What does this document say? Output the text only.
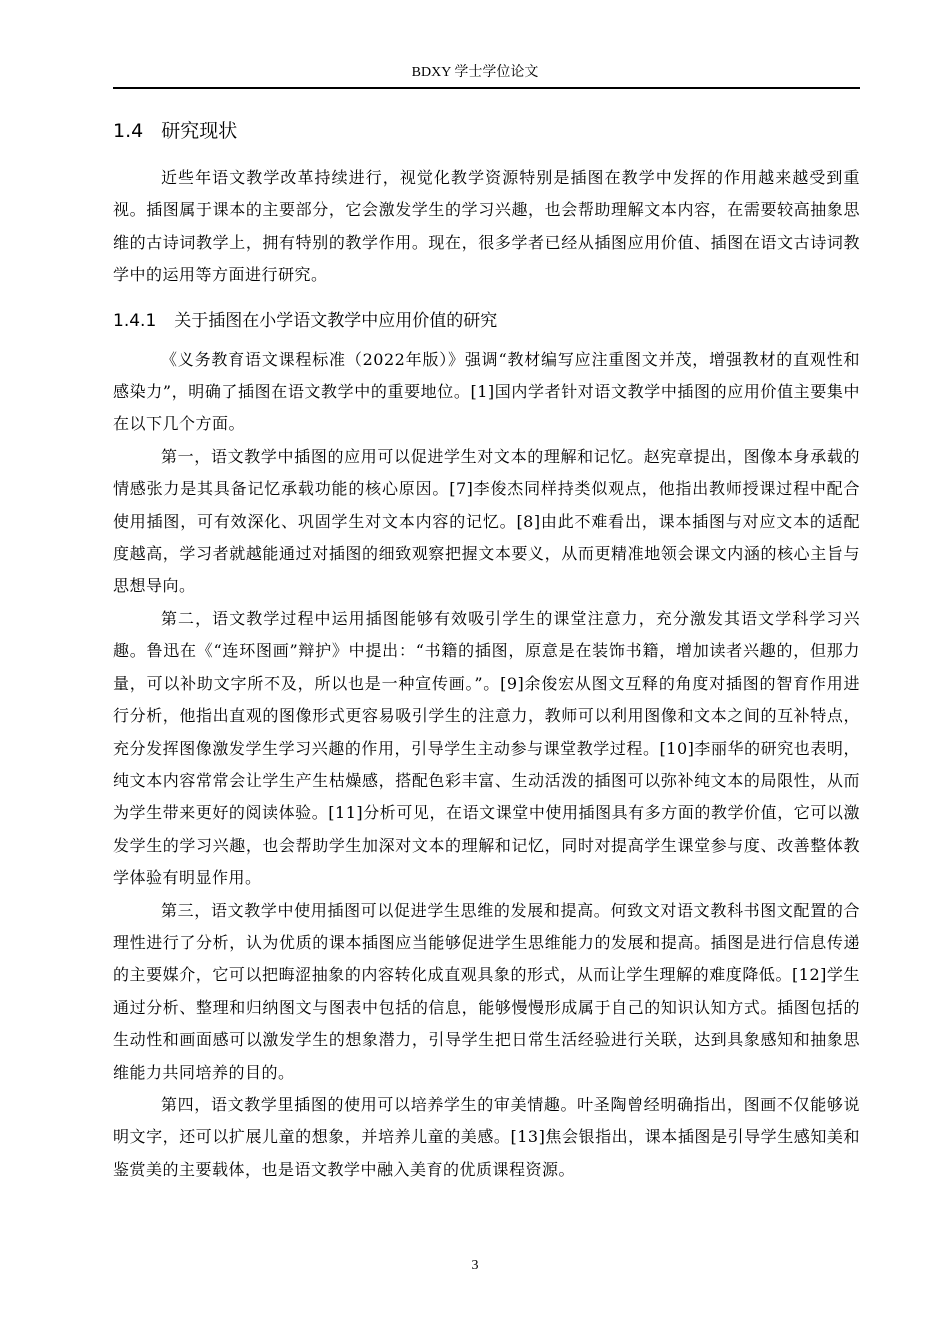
BDXY 学士学位论文
1.4 研究现状

近些年语文教学改革持续进行，视觉化教学资源特别是插图在教学中发挥的作用越来越受到重视。插图属于课本的主要部分，它会激发学生的学习兴趣，也会帮助理解文本内容，在需要较高抽象思维的古诗词教学上，拥有特别的教学作用。现在，很多学者已经从插图应用价值、插图在语文古诗词教学中的运用等方面进行研究。

1.4.1 关于插图在小学语文教学中应用价值的研究

《义务教育语文课程标准（2022年版）》强调“教材编写应注重图文并茂，增强教材的直观性和感染力”，明确了插图在语文教学中的重要地位。[1]国内学者针对语文教学中插图的应用价值主要集中在以下几个方面。

第一，语文教学中插图的应用可以促进学生对文本的理解和记忆。赵宪章提出，图像本身承载的情感张力是其具备记忆承载功能的核心原因。[7]李俊杰同样持类似观点，他指出教师授课过程中配合使用插图，可有效深化、巩固学生对文本内容的记忆。[8]由此不难看出，课本插图与对应文本的适配度越高，学习者就越能通过对插图的细致观察把握文本要义，从而更精准地领会课文内涵的核心主旨与思想导向。

第二，语文教学过程中运用插图能够有效吸引学生的课堂注意力，充分激发其语文学科学习兴趣。鲁迅在《“连环图画”辩护》中提出：“书籍的插图，原意是在装饰书籍，增加读者兴趣的，但那力量，可以补助文字所不及，所以也是一种宣传画。”。[9]余俊宏从图文互释的角度对插图的智育作用进行分析，他指出直观的图像形式更容易吸引学生的注意力，教师可以利用图像和文本之间的互补特点，充分发挥图像激发学生学习兴趣的作用，引导学生主动参与课堂教学过程。[10]李丽华的研究也表明，纯文本内容常常会让学生产生枯燥感，搭配色彩丰富、生动活泼的插图可以弥补纯文本的局限性，从而为学生带来更好的阅读体验。[11]分析可见，在语文课堂中使用插图具有多方面的教学价值，它可以激发学生的学习兴趣，也会帮助学生加深对文本的理解和记忆，同时对提高学生课堂参与度、改善整体教学体验有明显作用。

第三，语文教学中使用插图可以促进学生思维的发展和提高。何致文对语文教科书图文配置的合理性进行了分析，认为优质的课本插图应当能够促进学生思维能力的发展和提高。插图是进行信息传递的主要媒介，它可以把晦涩抽象的内容转化成直观具象的形式，从而让学生理解的难度降低。[12]学生通过分析、整理和归纳图文与图表中包括的信息，能够慢慢形成属于自己的知识认知方式。插图包括的生动性和画面感可以激发学生的想象潜力，引导学生把日常生活经验进行关联，达到具象感知和抽象思维能力共同培养的目的。

第四，语文教学里插图的使用可以培养学生的审美情趣。叶圣陶曾经明确指出，图画不仅能够说明文字，还可以扩展儿童的想象，并培养儿童的美感。[13]焦会银指出，课本插图是引导学生感知美和鉴赏美的主要载体，也是语文教学中融入美育的优质课程资源。

3
